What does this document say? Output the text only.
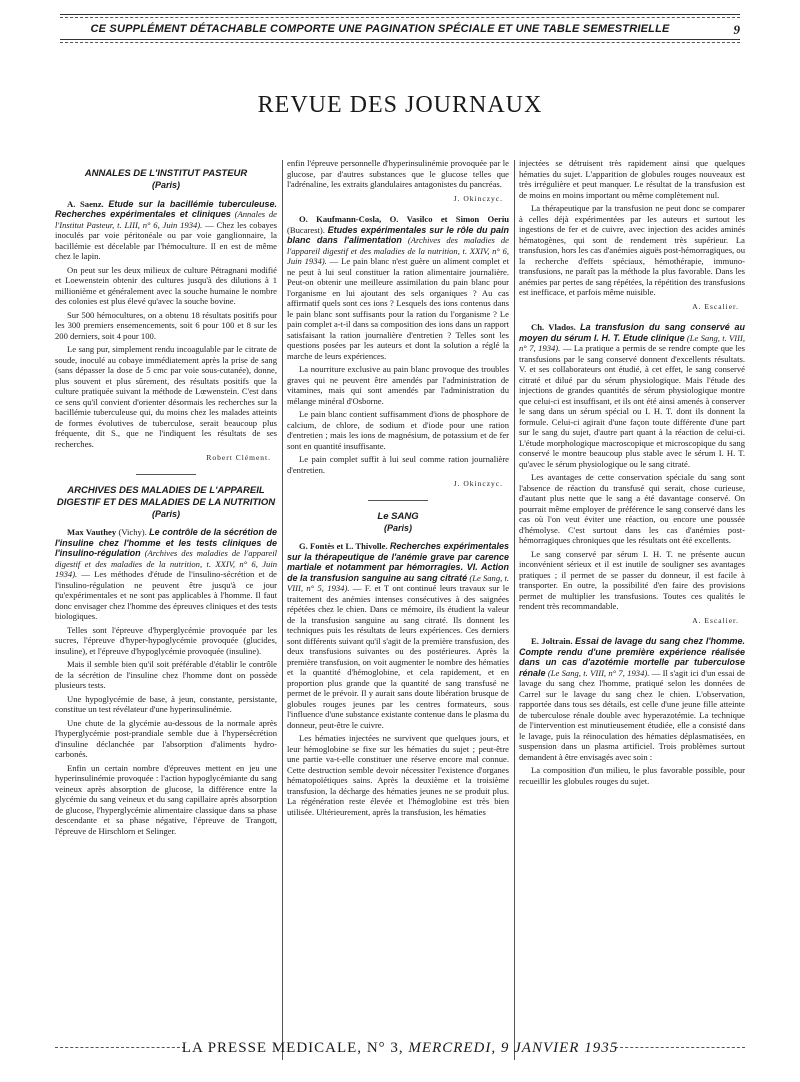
CE SUPPLÉMENT DÉTACHABLE COMPORTE UNE PAGINATION SPÉCIALE ET UNE TABLE SEMESTRIELLE	9
REVUE DES JOURNAUX
ANNALES DE L'INSTITUT PASTEUR
(Paris)

A. Saenz. Etude sur la bacillémie tuberculeuse. Recherches expérimentales et cliniques (Annales de l'Institut Pasteur, t. LIII, n° 6, Juin 1934). — Chez les cobayes inoculés par voie péritonéale ou par voie ganglionnaire, la bacillémie est décelable par l'hémoculture. Il en est de même chez le lapin.

On peut sur les deux milieux de culture Pétragnani modifié et Loewenstein obtenir des cultures jusqu'à des dilutions à 1 millionième et généralement avec la souche humaine le nombre des colonies est plus élevé qu'avec la souche bovine.

Sur 500 hémocultures, on a obtenu 18 résultats positifs pour les 300 premiers ensemencements, soit 6 pour 100 et 8 sur les 200 derniers, soit 4 pour 100.

Le sang pur, simplement rendu incoagulable par le citrate de soude, inoculé au cobaye immédiatement après la prise de sang (sans dépasser la dose de 5 cmc par voie sous-cutanée), donne, plus souvent et plus sûrement, des résultats positifs que la culture pratiquée suivant la méthode de Lœwenstein. C'est dans ce sens qu'il convient d'orienter désormais les recherches sur la bacillémie tuberculeuse qui, du moins chez les malades atteints de formes évolutives de tuberculose, serait beaucoup plus fréquente, dit S., que ne l'indiquent les résultats de ses recherches.

Robert Clément.
ARCHIVES DES MALADIES DE L'APPAREIL DIGESTIF ET DES MALADIES DE LA NUTRITION
(Paris)

Max Vauthey (Vichy). Le contrôle de la sécrétion de l'insuline chez l'homme et les tests cliniques de l'insulino-régulation (Archives des maladies de l'appareil digestif et des maladies de la nutrition, t. XXIV, n° 6, Juin 1934). — Les méthodes d'étude de l'insulino-sécrétion et de l'insulino-régulation ne peuvent être jusqu'à ce jour qu'expérimentales et ne sont pas applicables à l'homme. Il faut donc envisager chez l'homme des épreuves cliniques et des tests biologiques.

Telles sont l'épreuve d'hyperglycémie provoquée par les sucres, l'épreuve d'hyper-hypoglycémie provoquée (glucides, insuline), et l'épreuve d'hypoglycémie provoquée (insuline).

Mais il semble bien qu'il soit préférable d'établir le contrôle de la sécrétion de l'insuline chez l'homme dont on possède plusieurs tests.

Une hypoglycémie de base, à jeun, constante, persistante, constitue un test révélateur d'une hyperinsulinémie.

Une chute de la glycémie au-dessous de la normale après l'hyperglycémie post-prandiale semble due à l'hypersécrétion d'insuline déclanchée par l'absorption d'aliments hydro-carbonés.

Enfin un certain nombre d'épreuves mettent en jeu une hyperinsulinémie provoquée : l'action hypoglycémiante du sang veineux après absorption de glucose, la différence entre la glycémie du sang veineux et du sang capillaire après absorption de glucose, l'hyperglycémie alimentaire classique dans sa phase descendante et sa phase négative, l'épreuve de Trangott, l'épreuve de Hirschlorn et Selinger.

enfin l'épreuve personnelle d'hyperinsulinémie provoquée par le glucose, par d'autres substances que le glucose telles que l'adrénaline, les extraits glandulaires antagonistes du pancréas.

J. Okinczyc.

O. Kaufmann-Cosla, O. Vasilco et Simon Oeriu (Bucarest). Etudes expérimentales sur le rôle du pain blanc dans l'alimentation (Archives des maladies de l'appareil digestif et des maladies de la nutrition, t. XXIV, n° 6, Juin 1934). — Le pain blanc n'est guère un aliment complet et ne peut à lui seul constituer la ration alimentaire journalière. Peut-on obtenir une meilleure assimilation du pain blanc pour l'organisme en lui ajoutant des sels organiques ? Au cas affirmatif quels sont ces ions ? Lesquels des ions contenus dans le pain blanc sont suffisants pour la ration du l'organisme ? Le pain complet a-t-il dans sa composition des ions dans un rapport satisfaisant la ration journalière d'entretien ? Telles sont les questions posées par les auteurs et dont la solution a réglé la marche de leurs expériences.

La nourriture exclusive au pain blanc provoque des troubles graves qui ne peuvent être amendés par l'administration de vitamines, mais qui sont amendés par l'administration du mélange minéral d'Osborne.

Le pain blanc contient suffisamment d'ions de phosphore de calcium, de chlore, de sodium et d'iode pour une ration d'entretien ; mais les ions de magnésium, de potassium et de fer sont en quantité insuffisante.

Le pain complet suffit à lui seul comme ration journalière d'entretien.

J. Okinczyc.
Le SANG
(Paris)

G. Fontès et L. Thivolle. Recherches expérimentales sur la thérapeutique de l'anémie grave par carence martiale et notamment par hémorragies. VI. Action de la transfusion sanguine au sang citraté (Le Sang, t. VIII, n° 5, 1934). — F. et T ont continué leurs travaux sur le traitement des anémies intenses consécutives à des saignées répétées chez le chien. Dans ce mémoire, ils étudient la valeur de la transfusion sanguine au sang citraté. Ils donnent les techniques puis les résultats de leurs expériences. Ces derniers sont différents suivant qu'il s'agit de la première transfusion, des deux transfusions suivantes ou des postérieures. Après la première transfusion, on voit augmenter le nombre des hématies et la quantité d'hémoglobine, et cela rapidement, et en proportion plus grande que la quantité de sang transfusé ne permet de le prévoir. Il y aurait sans doute libération brusque de globules rouges jeunes par les centres formateurs, sous l'influence d'une substance existante contenue dans le plasma du donneur, peut-être le cuivre.

Les hématies injectées ne survivent que quelques jours, et leur hémoglobine se fixe sur les hématies du sujet ; peut-être une partie va-t-elle constituer une réserve encore mal connue. Cette destruction semble devoir nécessiter l'existence d'organes hématopoïétiques sains. Après la deuxième et la troisième transfusion, la décharge des hématies jeunes ne se produit plus. La régénération reste élevée et l'hémoglobine est très bien utilisée. Ultérieurement, après la transfusion, les hématies

injectées se détruisent très rapidement ainsi que quelques hématies du sujet. L'apparition de globules rouges nouveaux est très irrégulière et peut manquer. Le résultat de la transfusion est de moins en moins important ou même complètement nul.

La thérapeutique par la transfusion ne peut donc se comparer à celles déjà expérimentées par les auteurs et surtout les ingestions de fer et de cuivre, avec injection des acides aminés hématogènes, qui sont de rendement très supérieur. La transfusion, hors les cas d'anémies aiguës post-hémorragiques, ou la recherche d'effets spéciaux, hémothérapie, immuno-transfusions, ne paraît pas la méthode la plus favorable. Dans les anémies par pertes de sang répétées, la répétition des transfusions est inefficace, et parfois même nuisible.

A. Escalier.

Ch. Vlados. La transfusion du sang conservé au moyen du sérum I. H. T. Etude clinique (Le Sang, t. VIII, n° 7, 1934). — La pratique a permis de se rendre compte que les transfusions par le sang conservé donnent d'excellents résultats. V. et ses collaborateurs ont étudié, à cet effet, le sang conservé citraté et dilué par du sérum physiologique. Mais l'étude des injections de grandes quantités de sérum physiologique montre que celui-ci est insuffisant, et ils ont été ainsi amenés à conserver le sang dans un sérum spécial ou I. H. T. dont ils donnent la formule. Celui-ci agirait d'une façon toute différente d'une part sur le sang du sujet, d'autre part quant à la réaction de celui-ci. L'étude morphologique macroscopique et microscopique du sang conservé le montre beaucoup plus stable avec le sérum I. H. T. qu'avec le sérum physiologique ou le sang citraté.

Les avantages de cette conservation spéciale du sang sont l'absence de réaction du transfusé qui serait, chose curieuse, d'autant plus nette que le sang a été davantage conservé. On pourrait même employer de préférence le sang conservé dans les cas où l'on veut éviter une réaction, ou encore une poussée d'hémolyse. C'est surtout dans les cas d'anémies post-hémorragiques chroniques que les résultats ont été excellents.

Le sang conservé par sérum I. H. T. ne présente aucun inconvénient sérieux et il est inutile de souligner ses avantages pratiques ; il permet de se passer du donneur, il est facile à transporter. En outre, la possibilité d'en faire des provisions permet de multiplier les transfusions. Toutes ces qualités le rendent très recommandable.

A. Escalier.

E. Joltrain. Essai de lavage du sang chez l'homme. Compte rendu d'une première expérience réalisée dans un cas d'azotémie mortelle par tuberculose rénale (Le Sang, t. VIII, n° 7, 1934). — Il s'agit ici d'un essai de lavage du sang chez l'homme, pratiqué selon les données de Carrel sur le lavage du sang chez le chien. L'observation, rapportée dans tous ses détails, est celle d'une jeune fille atteinte de tuberculose rénale double avec hyperazotémie. La technique de l'intervention est minutieusement étudiée, elle a consisté dans le lavage, puis la réinoculation des hématies déplasmatisées, en suspension dans un plasma artificiel. Trois problèmes surtout demandent à être envisagés avec soin :

La composition d'un milieu, le plus favorable possible, pour recueillir les globules rouges du sujet.

LA PRESSE MEDICALE, N° 3, MERCREDI, 9 JANVIER 1935
